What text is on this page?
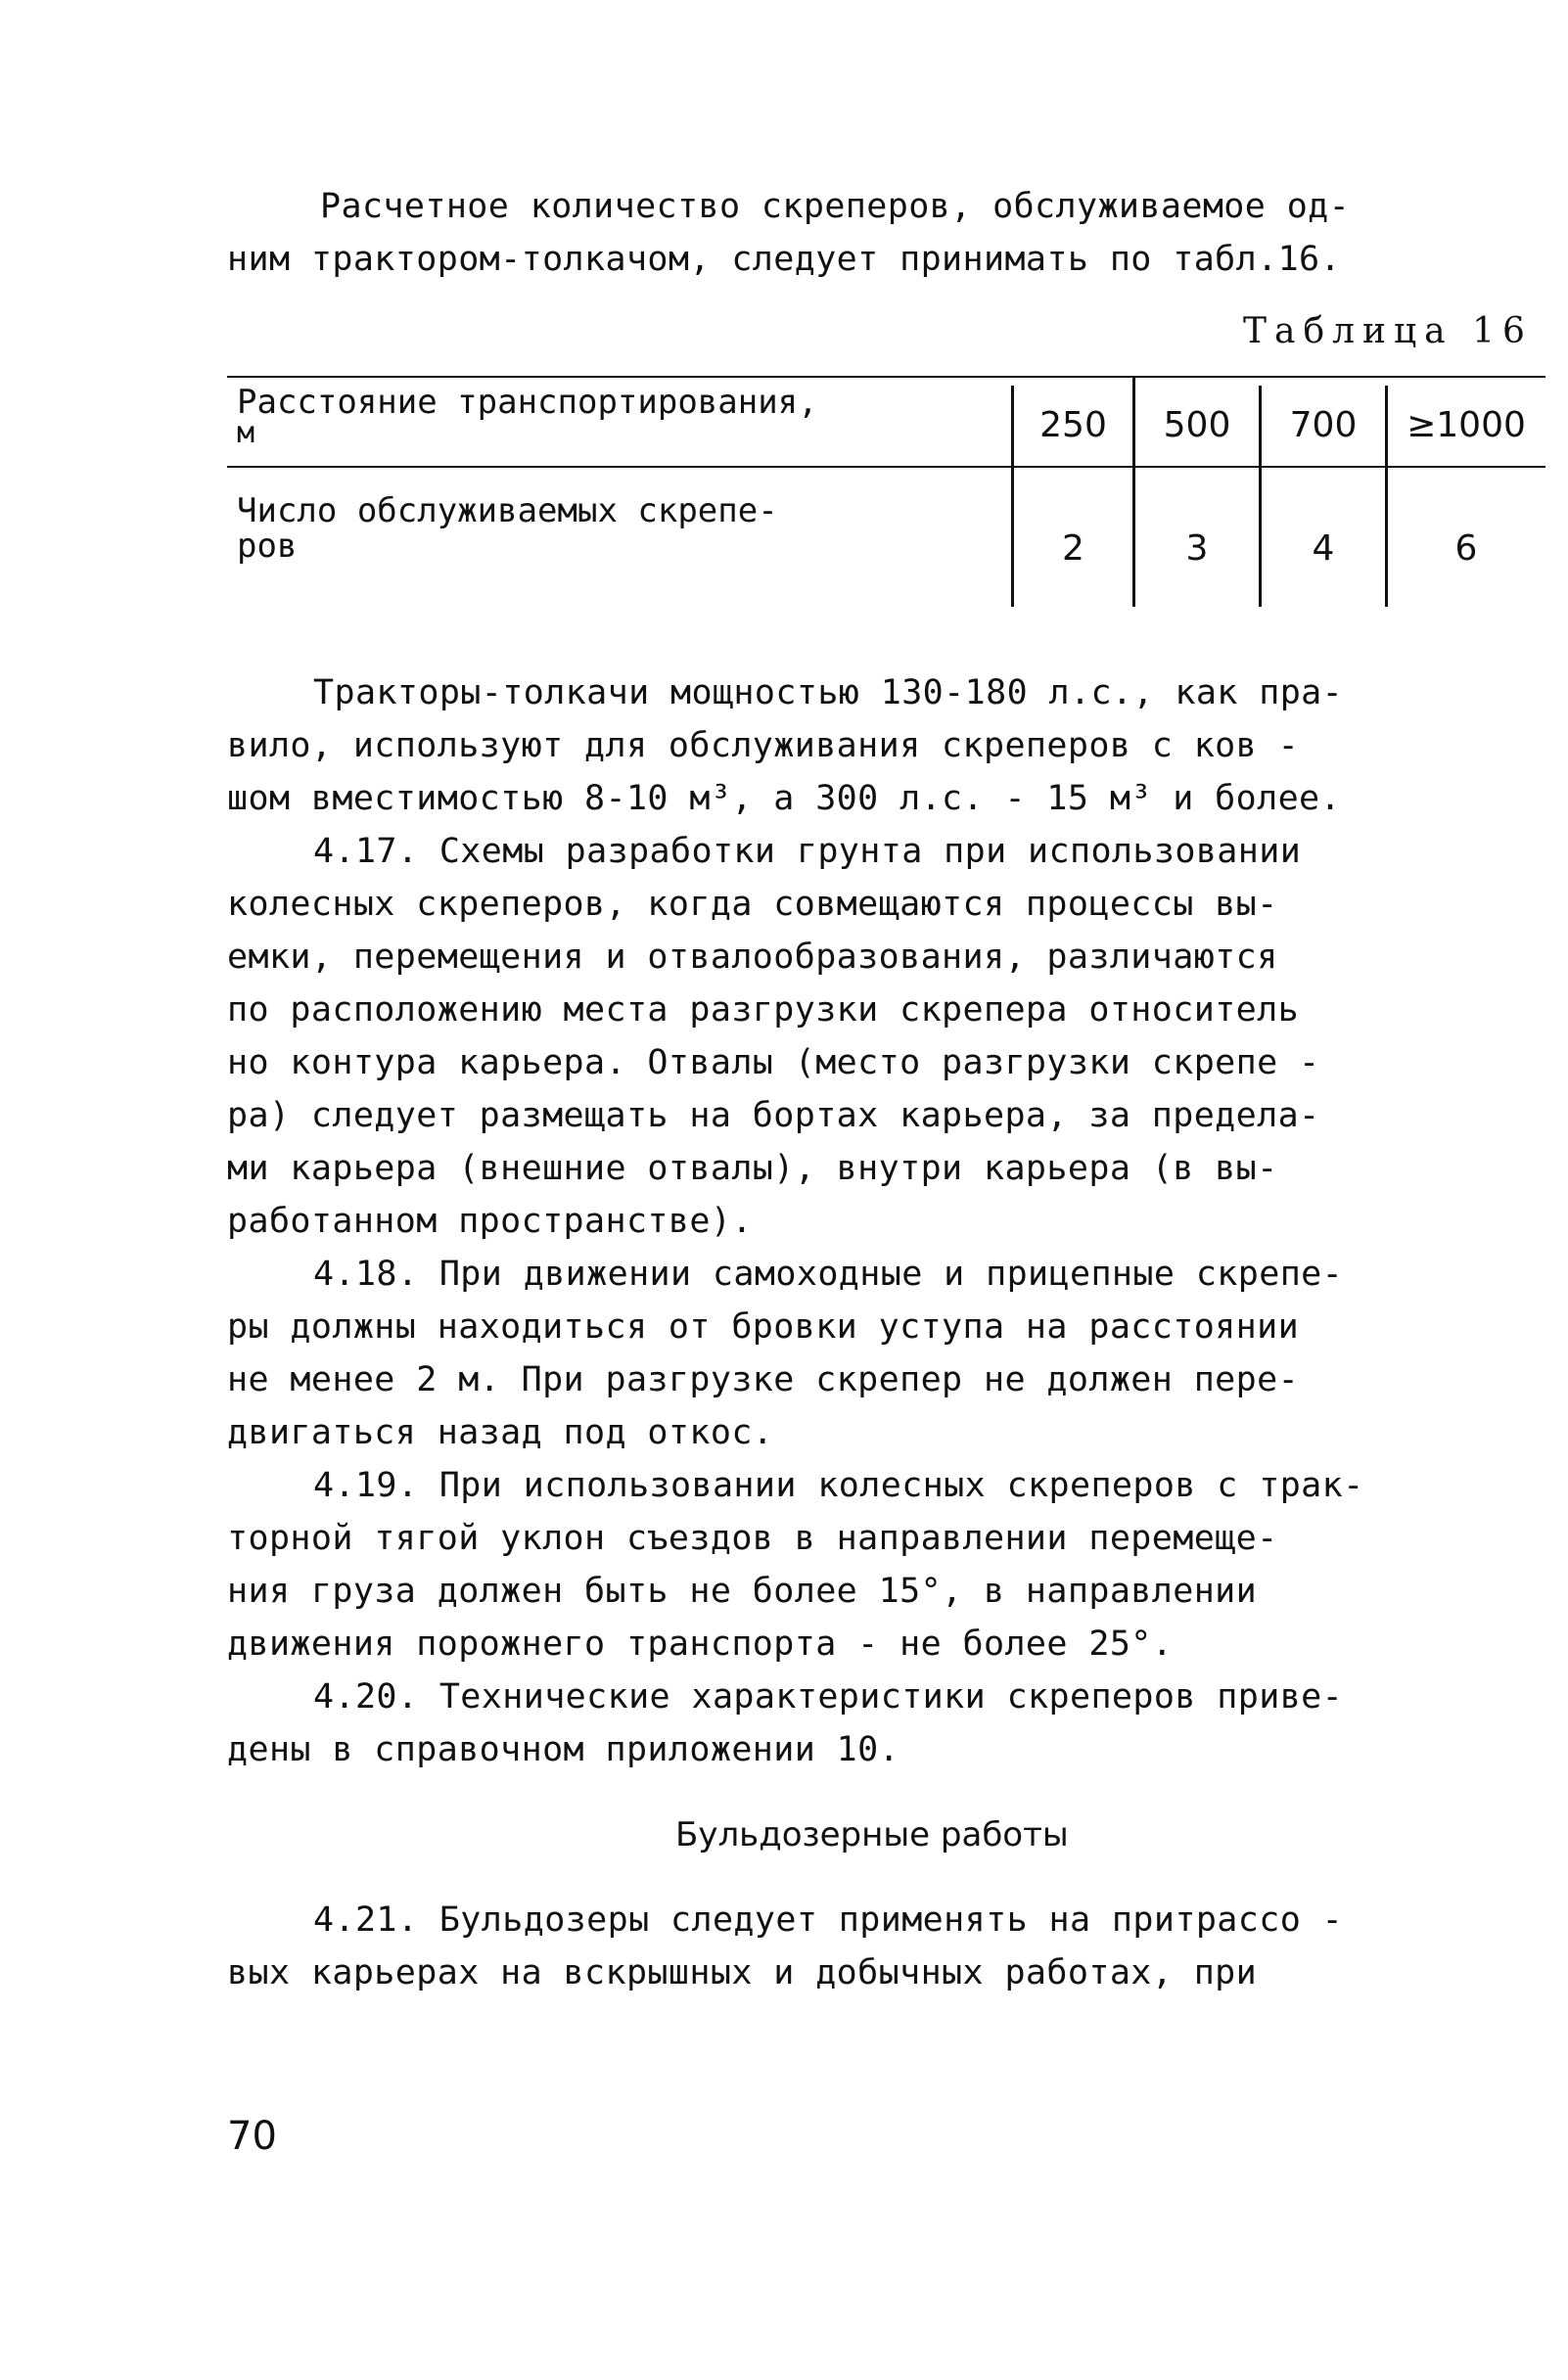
Расчетное количество скреперов, обслуживаемое од-
ним трактором-толкачом, следует принимать по табл.16.
Таблица 16
Расстояние транспортирования,
м	250	500	700	≥1000
Число обслуживаемых скрепе-
ров	2	3	4	6
Тракторы-толкачи мощностью 130-180 л.с., как пра-
вило, используют для обслуживания скреперов с ков -
шом вместимостью 8-10 м³, а 300 л.с. - 15 м³ и более.
4.17. Схемы разработки грунта при использовании
колесных скреперов, когда совмещаются процессы вы-
емки, перемещения и отвалообразования, различаются
по расположению места разгрузки скрепера относитель
но контура карьера. Отвалы (место разгрузки скрепе -
ра) следует размещать на бортах карьера, за предела-
ми карьера (внешние отвалы), внутри карьера (в вы-
работанном пространстве).
4.18. При движении самоходные и прицепные скрепе-
ры должны находиться от бровки уступа на расстоянии
не менее 2 м. При разгрузке скрепер не должен пере-
двигаться назад под откос.
4.19. При использовании колесных скреперов с трак-
торной тягой уклон съездов в направлении перемеще-
ния груза должен быть не более 15°, в направлении
движения порожнего транспорта - не более 25°.
4.20. Технические характеристики скреперов приве-
дены в справочном приложении 10.
Бульдозерные работы
4.21. Бульдозеры следует применять на притрассо -
вых карьерах на вскрышных и добычных работах, при
70
